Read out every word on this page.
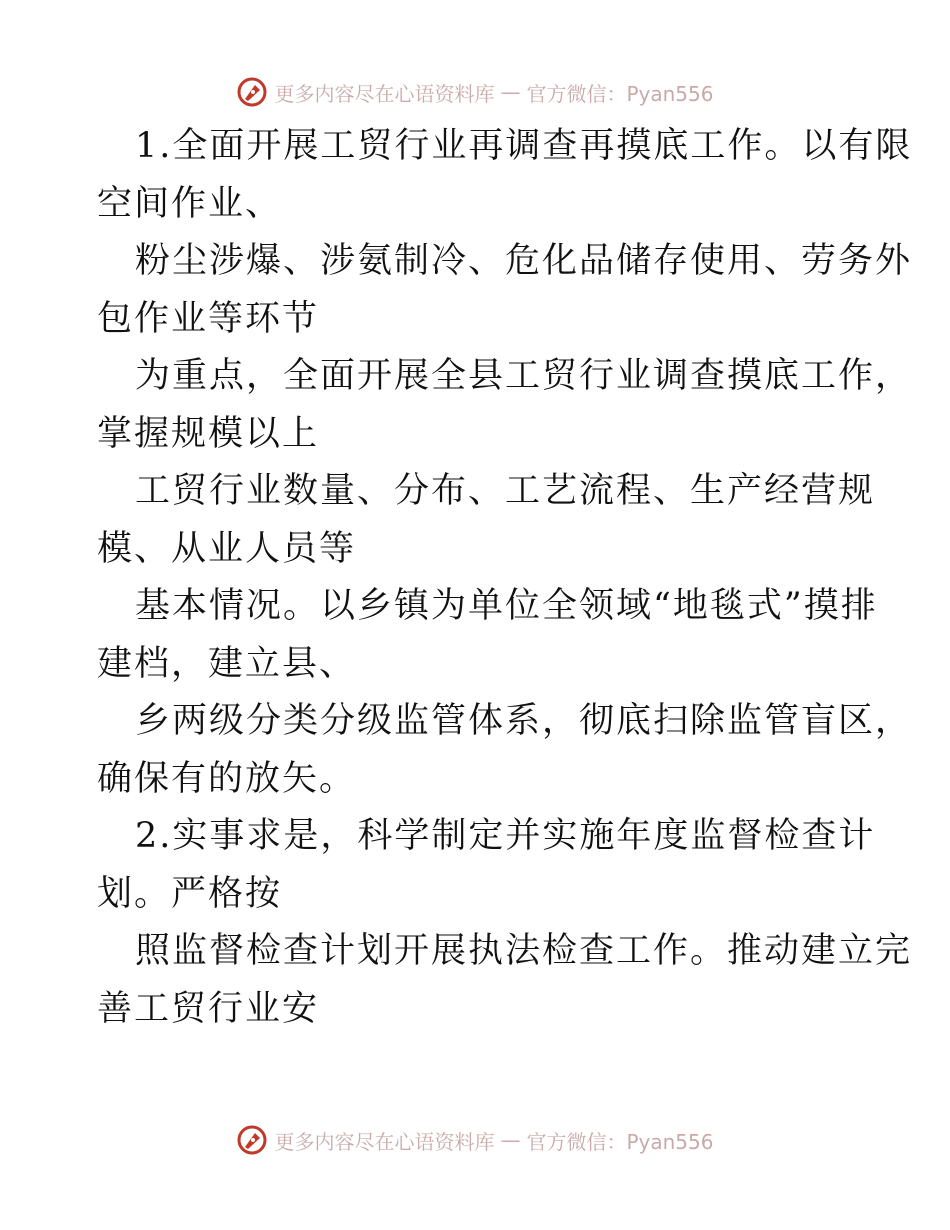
更多内容尽在心语资料库 — 官方微信：Pyan556
1.全面开展工贸行业再调查再摸底工作。以有限
空间作业、
粉尘涉爆、涉氨制冷、危化品储存使用、劳务外
包作业等环节
为重点，全面开展全县工贸行业调查摸底工作，
掌握规模以上
工贸行业数量、分布、工艺流程、生产经营规
模、从业人员等
基本情况。以乡镇为单位全领域“地毯式”摸排
建档，建立县、
乡两级分类分级监管体系，彻底扫除监管盲区，
确保有的放矢。
2.实事求是，科学制定并实施年度监督检查计
划。严格按
照监督检查计划开展执法检查工作。推动建立完
善工贸行业安
更多内容尽在心语资料库 — 官方微信：Pyan556
